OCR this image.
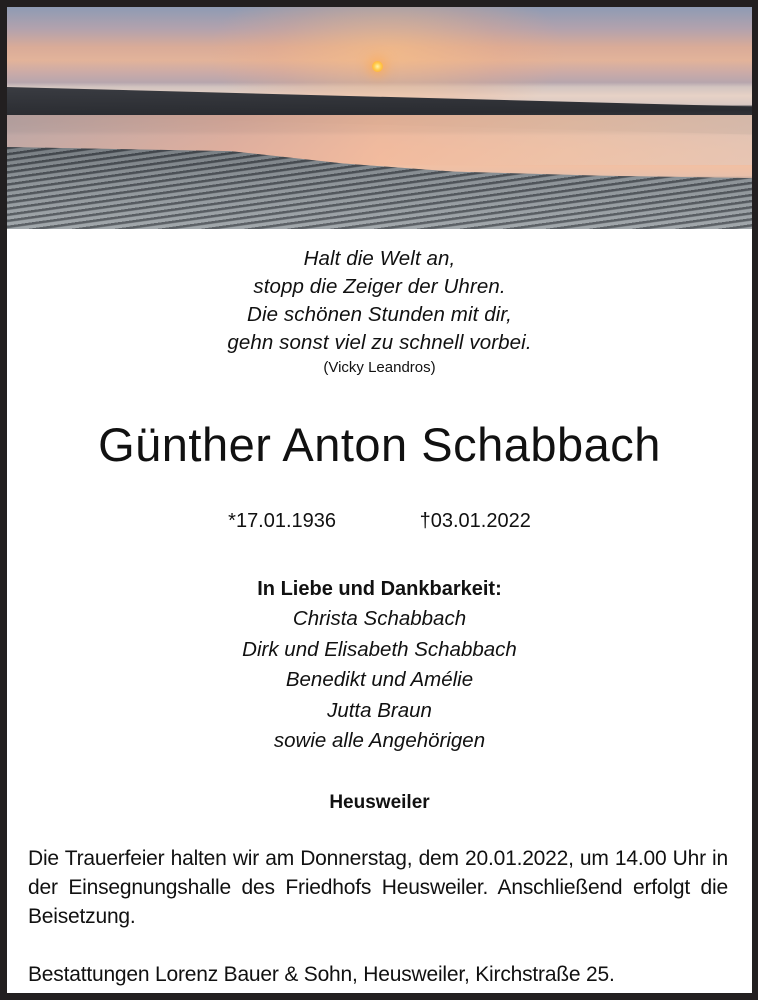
Halt die Welt an,
stopp die Zeiger der Uhren.
Die schönen Stunden mit dir,
gehn sonst viel zu schnell vorbei.
(Vicky Leandros)
Günther Anton Schabbach
*17.01.1936	†03.01.2022
In Liebe und Dankbarkeit:
Christa Schabbach
Dirk und Elisabeth Schabbach
Benedikt und Amélie
Jutta Braun
sowie alle Angehörigen
Heusweiler
Die Trauerfeier halten wir am Donnerstag, dem 20.01.2022, um 14.00 Uhr in der Einsegnungshalle des Friedhofs Heusweiler. Anschließend erfolgt die Beisetzung.
Bestattungen Lorenz Bauer & Sohn, Heusweiler, Kirchstraße 25.
